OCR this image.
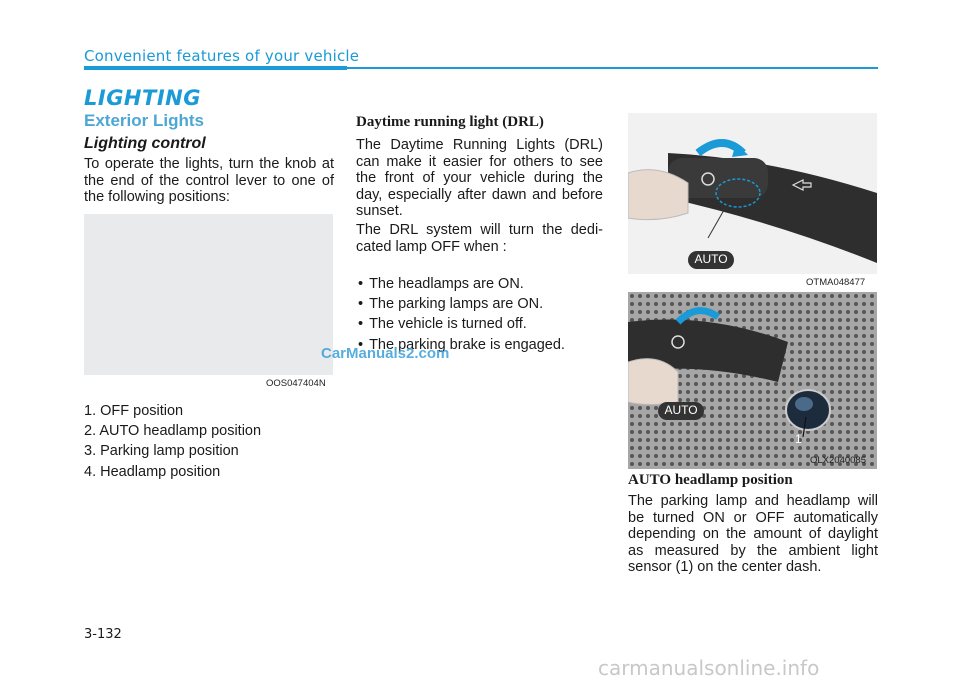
Convenient features of your vehicle
LIGHTING
Exterior Lights
Lighting control
To operate the lights, turn the knob at the end of the control lever to one of the following positions:
OOS047404N
1. OFF position
2. AUTO headlamp position
3. Parking lamp position
4. Headlamp position
Daytime running light (DRL)
The Daytime Running Lights (DRL) can make it easier for others to see the front of your vehicle during the day, especially after dawn and before sunset.
The DRL system will turn the dedi-cated lamp OFF when :
• The headlamps are ON.
• The parking lamps are ON.
• The vehicle is turned off.
• The parking brake is engaged.
AUTO
OTMA048477
AUTO
1
OLX2040085
AUTO headlamp position
The parking lamp and headlamp will be turned ON or OFF automatically depending on the amount of daylight as measured by the ambient light sensor (1) on the center dash.
CarManuals2.com
3-132
carmanualsonline.info
